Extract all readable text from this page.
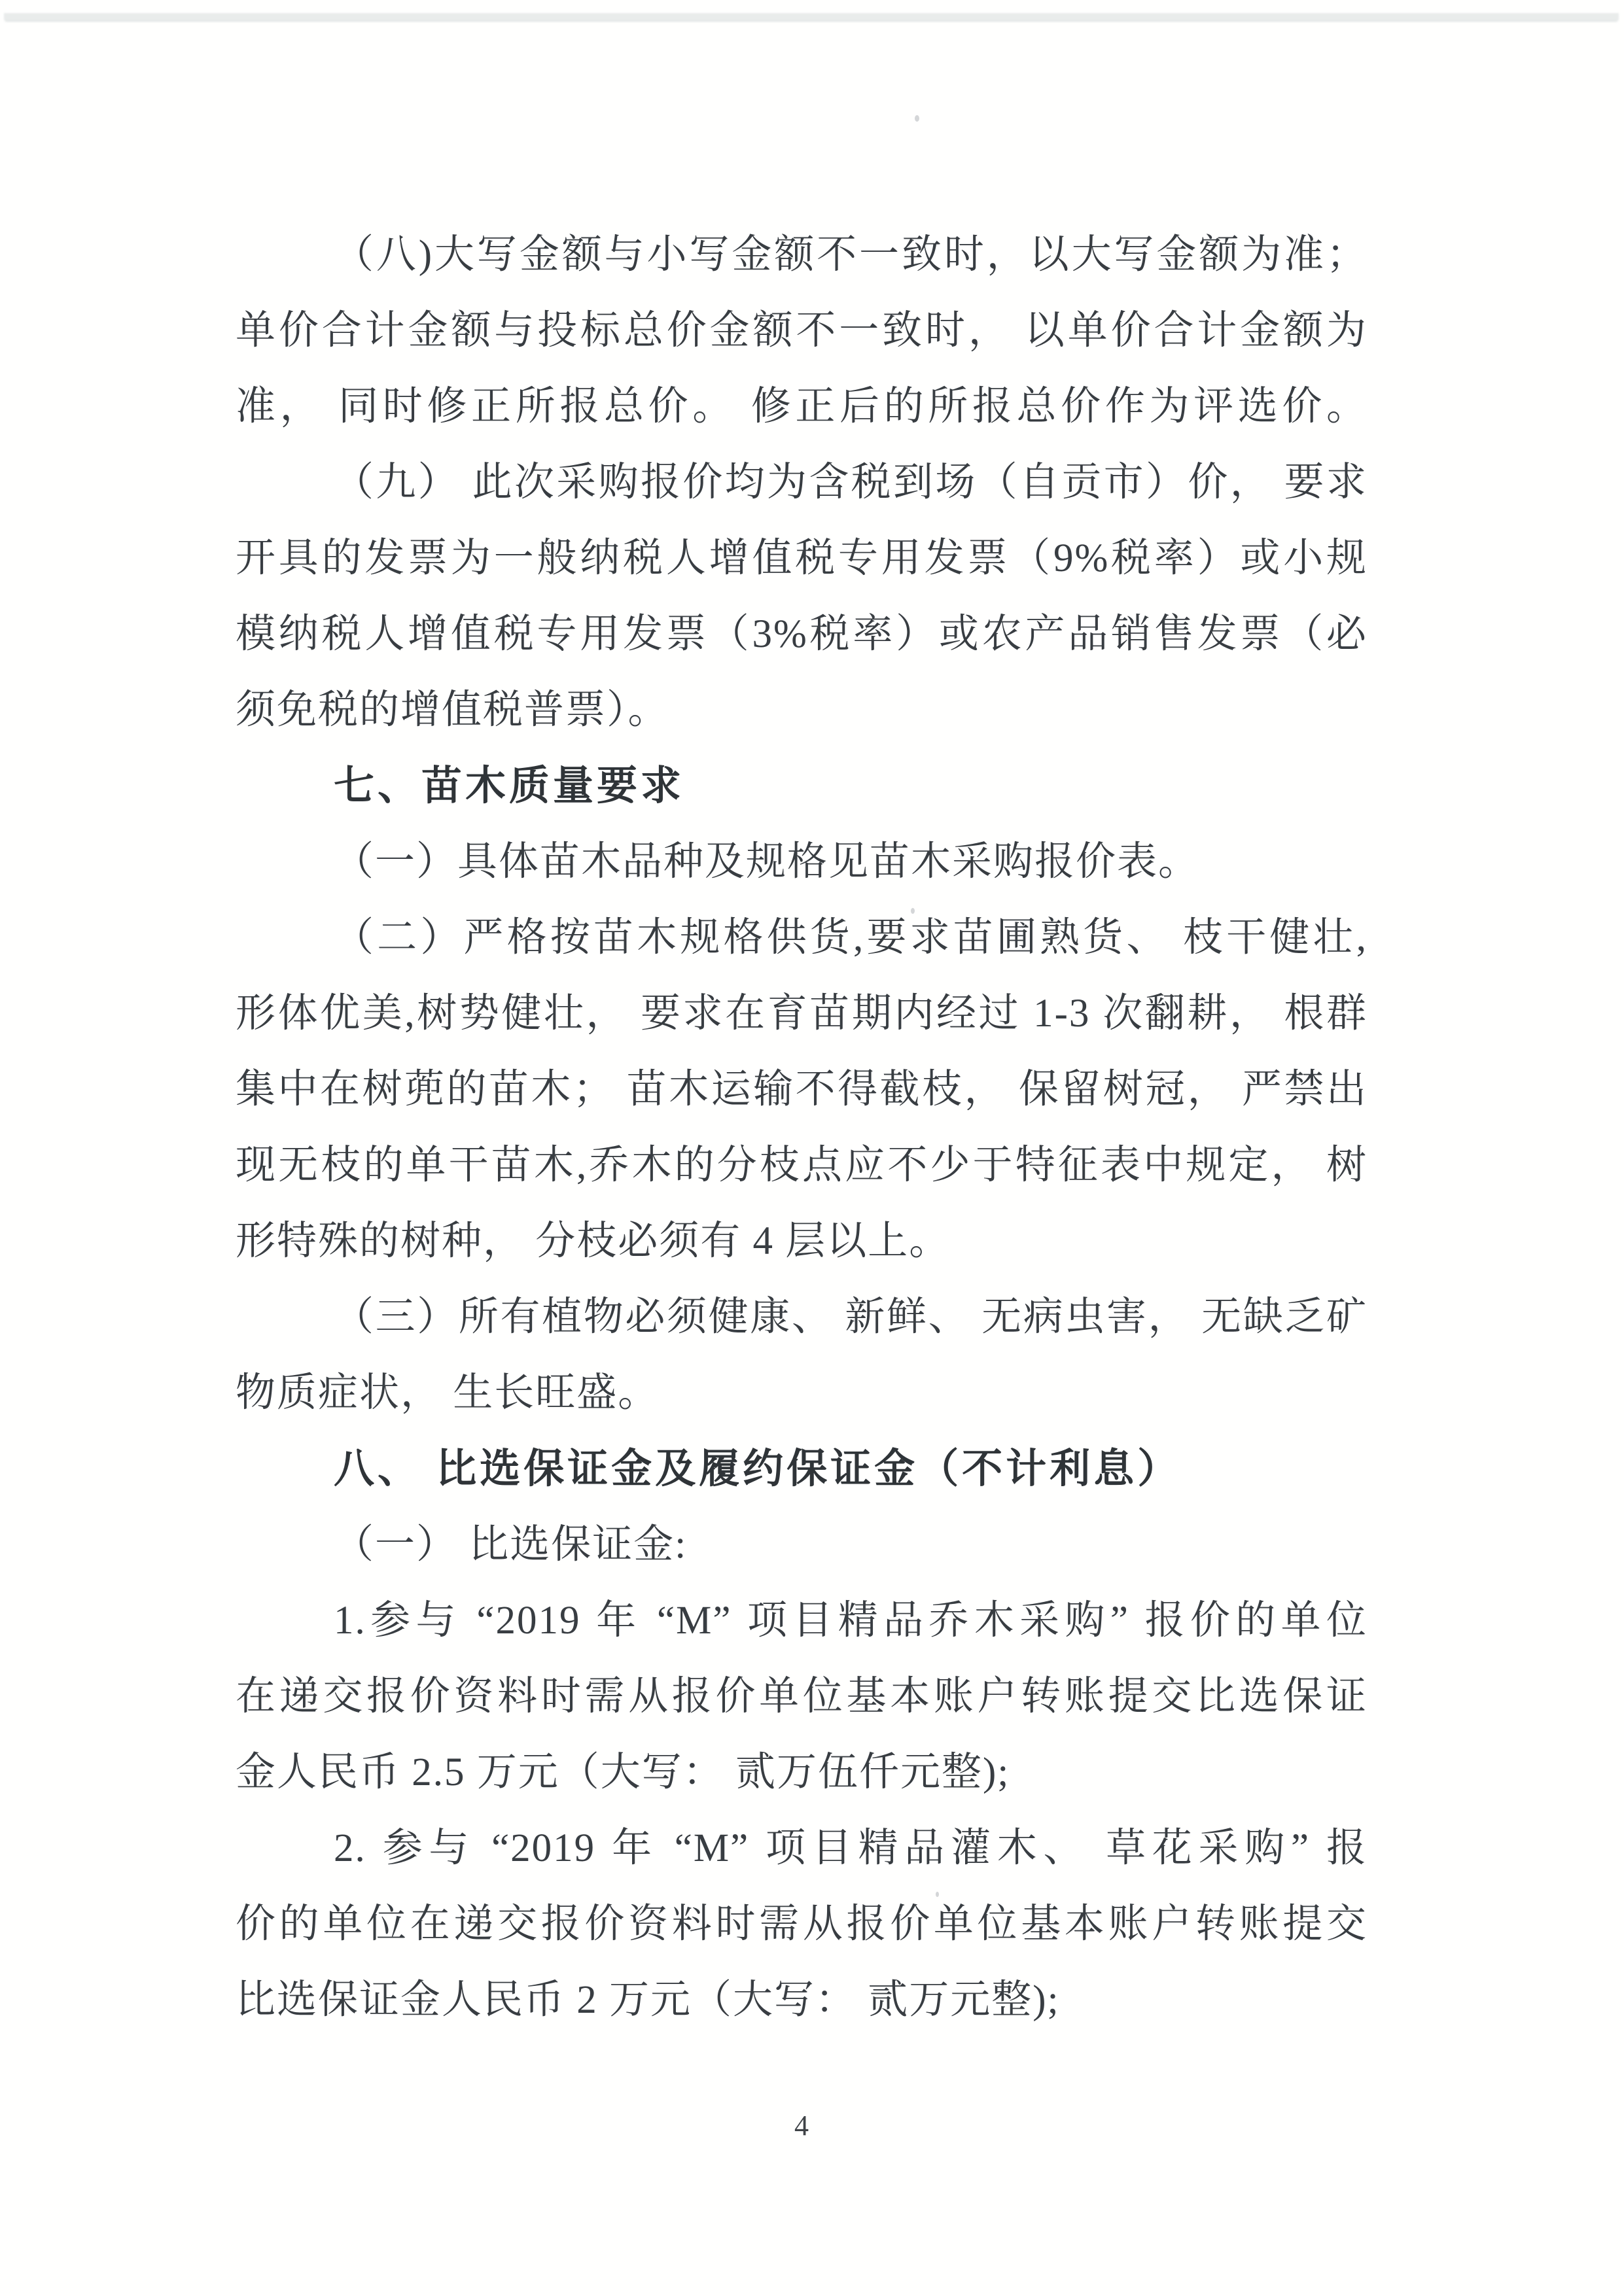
（八)大写金额与小写金额不一致时，以大写金额为准；

单价合计金额与投标总价金额不一致时， 以单价合计金额为

准， 同时修正所报总价。 修正后的所报总价作为评选价。

（九） 此次采购报价均为含税到场（自贡市）价， 要求

开具的发票为一般纳税人增值税专用发票（9%税率）或小规

模纳税人增值税专用发票（3%税率）或农产品销售发票（必

须免税的增值税普票）。

七、苗木质量要求

（一）具体苗木品种及规格见苗木采购报价表。

（二）严格按苗木规格供货,要求苗圃熟货、 枝干健壮,

形体优美,树势健壮， 要求在育苗期内经过 1-3 次翻耕， 根群

集中在树蔸的苗木； 苗木运输不得截枝， 保留树冠， 严禁出

现无枝的单干苗木,乔木的分枝点应不少于特征表中规定， 树

形特殊的树种， 分枝必须有 4 层以上。

（三）所有植物必须健康、 新鲜、 无病虫害， 无缺乏矿

物质症状， 生长旺盛。

八、 比选保证金及履约保证金（不计利息）

（一） 比选保证金:

1.参与 “2019 年 “M” 项目精品乔木采购” 报价的单位

在递交报价资料时需从报价单位基本账户转账提交比选保证

金人民币 2.5 万元（大写： 贰万伍仟元整);

2. 参与 “2019 年 “M” 项目精品灌木、 草花采购” 报

价的单位在递交报价资料时需从报价单位基本账户转账提交

比选保证金人民币 2 万元（大写： 贰万元整);

4
